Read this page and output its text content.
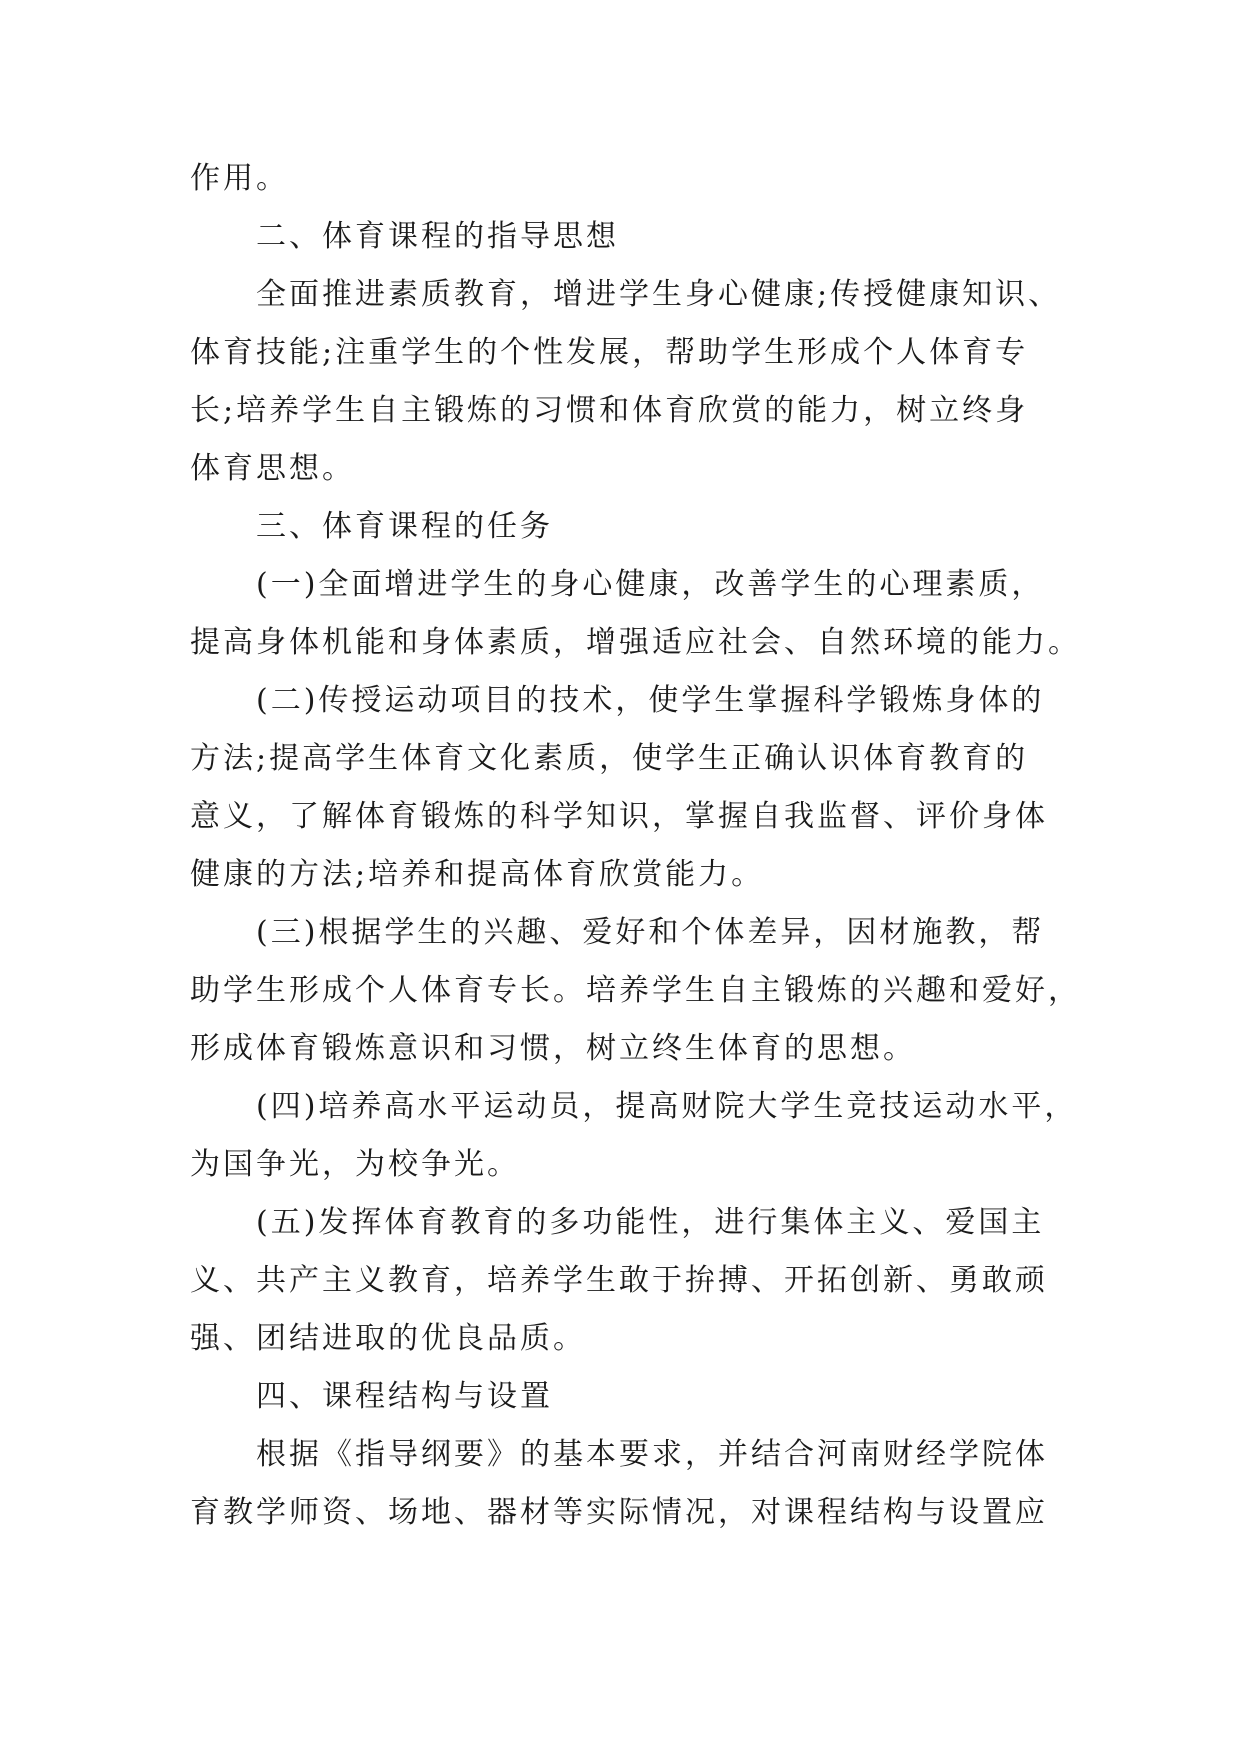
作用。
二、体育课程的指导思想
全面推进素质教育，增进学生身心健康;传授健康知识、
体育技能;注重学生的个性发展，帮助学生形成个人体育专
长;培养学生自主锻炼的习惯和体育欣赏的能力，树立终身
体育思想。
三、体育课程的任务
(一)全面增进学生的身心健康，改善学生的心理素质，
提高身体机能和身体素质，增强适应社会、自然环境的能力。
(二)传授运动项目的技术，使学生掌握科学锻炼身体的
方法;提高学生体育文化素质，使学生正确认识体育教育的
意义，了解体育锻炼的科学知识，掌握自我监督、评价身体
健康的方法;培养和提高体育欣赏能力。
(三)根据学生的兴趣、爱好和个体差异，因材施教，帮
助学生形成个人体育专长。培养学生自主锻炼的兴趣和爱好，
形成体育锻炼意识和习惯，树立终生体育的思想。
(四)培养高水平运动员，提高财院大学生竞技运动水平，
为国争光，为校争光。
(五)发挥体育教育的多功能性，进行集体主义、爱国主
义、共产主义教育，培养学生敢于拚搏、开拓创新、勇敢顽
强、团结进取的优良品质。
四、课程结构与设置
根据《指导纲要》的基本要求，并结合河南财经学院体
育教学师资、场地、器材等实际情况，对课程结构与设置应
